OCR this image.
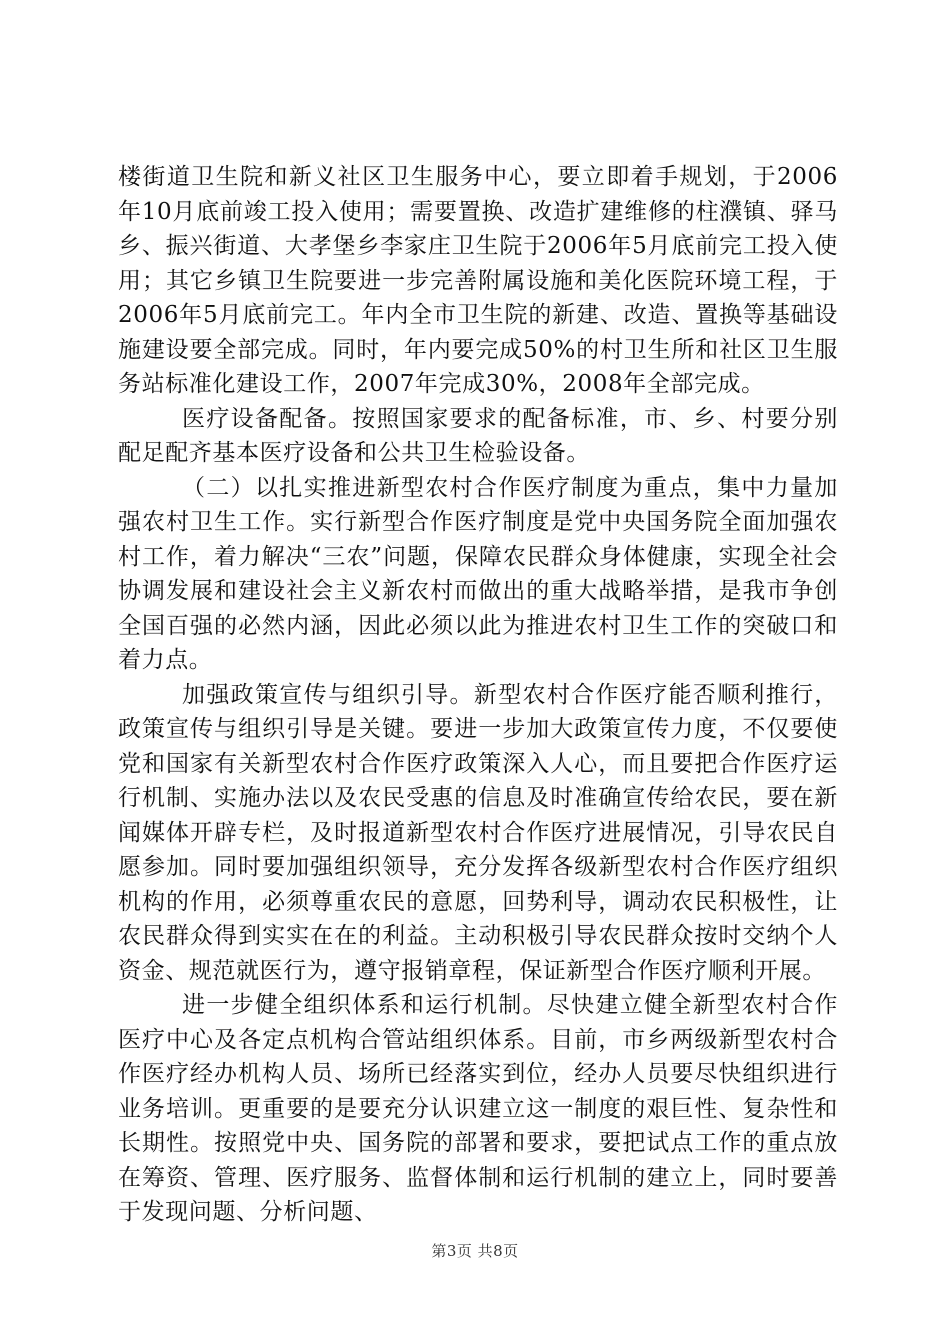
楼街道卫生院和新义社区卫生服务中心，要立即着手规划，于2006年10月底前竣工投入使用；需要置换、改造扩建维修的柱濮镇、驿马乡、振兴街道、大孝堡乡李家庄卫生院于2006年5月底前完工投入使用；其它乡镇卫生院要进一步完善附属设施和美化医院环境工程，于2006年5月底前完工。年内全市卫生院的新建、改造、置换等基础设施建设要全部完成。同时，年内要完成50%的村卫生所和社区卫生服务站标准化建设工作，2007年完成30%，2008年全部完成。

医疗设备配备。按照国家要求的配备标准，市、乡、村要分别配足配齐基本医疗设备和公共卫生检验设备。

（二）以扎实推进新型农村合作医疗制度为重点，集中力量加强农村卫生工作。实行新型合作医疗制度是党中央国务院全面加强农村工作，着力解决“三农”问题，保障农民群众身体健康，实现全社会协调发展和建设社会主义新农村而做出的重大战略举措，是我市争创全国百强的必然内涵，因此必须以此为推进农村卫生工作的突破口和着力点。

加强政策宣传与组织引导。新型农村合作医疗能否顺利推行，政策宣传与组织引导是关键。要进一步加大政策宣传力度，不仅要使党和国家有关新型农村合作医疗政策深入人心，而且要把合作医疗运行机制、实施办法以及农民受惠的信息及时准确宣传给农民，要在新闻媒体开辟专栏，及时报道新型农村合作医疗进展情况，引导农民自愿参加。同时要加强组织领导，充分发挥各级新型农村合作医疗组织机构的作用，必须尊重农民的意愿，回势利导，调动农民积极性，让农民群众得到实实在在的利益。主动积极引导农民群众按时交纳个人资金、规范就医行为，遵守报销章程，保证新型合作医疗顺利开展。

进一步健全组织体系和运行机制。尽快建立健全新型农村合作医疗中心及各定点机构合管站组织体系。目前，市乡两级新型农村合作医疗经办机构人员、场所已经落实到位，经办人员要尽快组织进行业务培训。更重要的是要充分认识建立这一制度的艰巨性、复杂性和长期性。按照党中央、国务院的部署和要求，要把试点工作的重点放在筹资、管理、医疗服务、监督体制和运行机制的建立上，同时要善于发现问题、分析问题、

第3页 共8页
